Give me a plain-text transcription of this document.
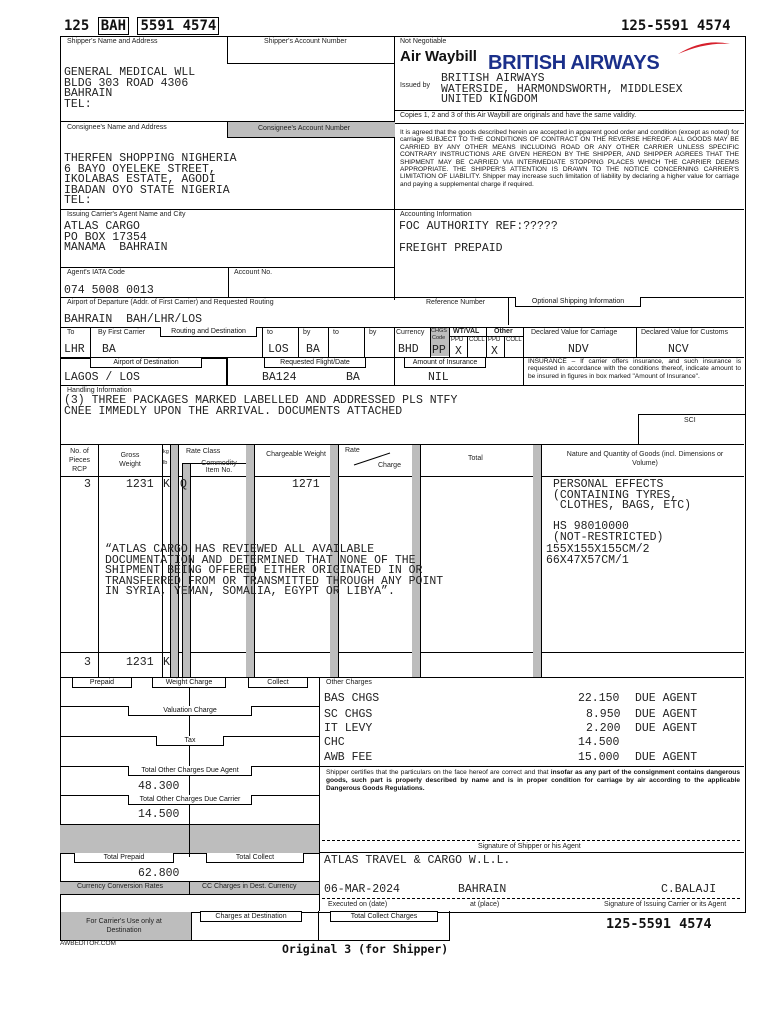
125 BAH 5591 4574	125-5591 4574
Shipper's Name and Address	Shipper's Account Number
GENERAL MEDICAL WLL
BLDG 303 ROAD 4306
BAHRAIN
TEL:
Not Negotiable
Air Waybill BRITISH AIRWAYS
Issued by
BRITISH AIRWAYS
WATERSIDE, HARMONDSWORTH, MIDDLESEX
UNITED KINGDOM
Copies 1, 2 and 3 of this Air Waybill are originals and have the same validity.
It is agreed that the goods described herein are accepted in apparent good order and condition (except as noted) for carriage SUBJECT TO THE CONDITIONS OF CONTRACT ON THE REVERSE HEREOF. ALL GOODS MAY BE CARRIED BY ANY OTHER MEANS INCLUDING ROAD OR ANY OTHER CARRIER UNLESS SPECIFIC CONTRARY INSTRUCTIONS ARE GIVEN HEREON BY THE SHIPPER, AND SHIPPER AGREES THAT THE SHIPMENT MAY BE CARRIED VIA INTERMEDIATE STOPPING PLACES WHICH THE CARRIER DEEMS APPROPRIATE. THE SHIPPER'S ATTENTION IS DRAWN TO THE NOTICE CONCERNING CARRIER'S LIMITATION OF LIABILITY. Shipper may increase such limitation of liability by declaring a higher value for carriage and paying a supplemental charge if required.
Consignee's Name and Address	Consignee's Account Number
THERFEN SHOPPING NIGHERIA
6 BAYO OYELEKE STREET,
IKOLABAS ESTATE, AGODI
IBADAN OYO STATE NIGERIA
TEL:
Issuing Carrier's Agent Name and City
ATLAS CARGO
PO BOX 17354
MANAMA  BAHRAIN
Accounting Information
FOC AUTHORITY REF:?????
FREIGHT PREPAID
Agent's IATA Code	Account No.
074 5008 0013
Airport of Departure (Addr. of First Carrier) and Requested Routing
BAHRAIN  BAH/LHR/LOS
Reference Number	Optional Shipping Information
To	By First Carrier	Routing and Destination	to	by	to	by
LHR BA	LOS BA
Currency
BHD
CHGS
Code
PP
WT/VAL Other
PPD COLL PPD COLL
X	X
Declared Value for Carriage
NDV
Declared Value for Customs
NCV
Airport of Destination
LAGOS / LOS
Requested Flight/Date
BA124	BA
Amount of Insurance
NIL
INSURANCE – If carrier offers insurance, and such insurance is requested in accordance with the conditions thereof, indicate amount to be insured in figures in box marked "Amount of Insurance".
Handling Information
(3) THREE PACKAGES MARKED LABELLED AND ADDRESSED PLS NTFY
CNEE IMMEDLY UPON THE ARRIVAL. DOCUMENTS ATTACHED
SCI
No. of Pieces RCP
Gross Weight
kg
lb
Rate Class
Commodity Item No.
Chargeable Weight
Rate
Charge
Total
Nature and Quantity of Goods (incl. Dimensions or Volume)
3	1231 K Q	1271	PERSONAL EFFECTS
(CONTAINING TYRES,
CLOTHES, BAGS, ETC)

HS 98010000
(NOT-RESTRICTED)
155X155X155CM/2
66X47X57CM/1
“ATLAS CARGO HAS REVIEWED ALL AVAILABLE
DOCUMENTATION AND DETERMINED THAT NONE OF THE
SHIPMENT BEING OFFERED EITHER ORIGINATED IN OR
TRANSFERRED FROM OR TRANSMITTED THROUGH ANY POINT
IN SYRIA, YEMAN, SOMALIA, EGYPT OR LIBYA”.
3	1231 K
Prepaid	Weight Charge	Collect
Valuation Charge
Tax
Total Other Charges Due Agent
48.300
Total Other Charges Due Carrier
14.500
Total Prepaid	Total Collect
62.800
Currency Conversion Rates	CC Charges in Dest. Currency
For Carrier's Use only at Destination
Charges at Destination	Total Collect Charges
Other Charges
BAS CHGS	22.150 DUE AGENT
SC CHGS	8.950 DUE AGENT
IT LEVY	2.200 DUE AGENT
CHC	14.500
AWB FEE	15.000 DUE AGENT
Shipper certifies that the particulars on the face hereof are correct and that insofar as any part of the consignment contains dangerous goods, such part is properly described by name and is in proper condition for carriage by air according to the applicable Dangerous Goods Regulations.
Signature of Shipper or his Agent
ATLAS TRAVEL & CARGO W.L.L.
06-MAR-2024	BAHRAIN	C.BALAJI
Executed on (date)	at (place)	Signature of Issuing Carrier or its Agent
125-5591 4574
AWBEDITOR.COM	Original 3 (for Shipper)
